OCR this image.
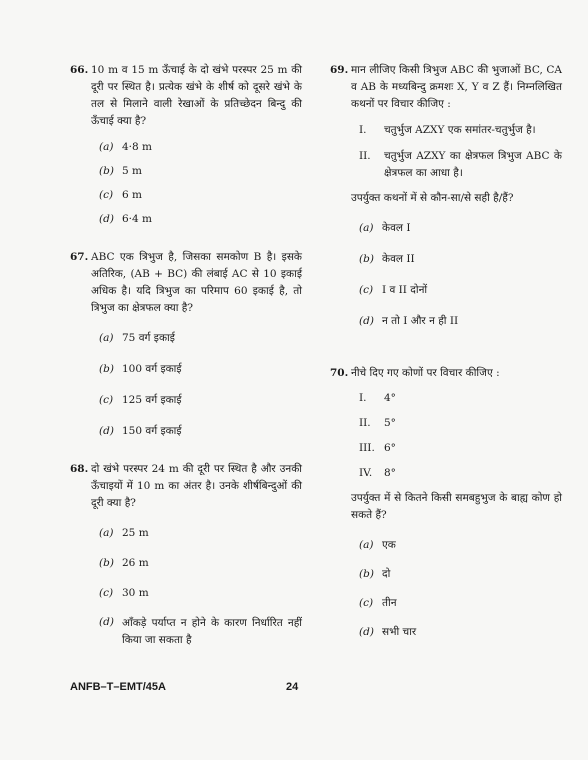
66. 10 m व 15 m ऊँचाई के दो खंभे परस्पर 25 m की दूरी पर स्थित है। प्रत्येक खंभे के शीर्ष को दूसरे खंभे के तल से मिलाने वाली रेखाओं के प्रतिच्छेदन बिन्दु की ऊँचाई क्या है?
(a) 4·8 m
(b) 5 m
(c) 6 m
(d) 6·4 m
67. ABC एक त्रिभुज है, जिसका समकोण B है। इसके अतिरिक, (AB + BC) की लंबाई AC से 10 इकाई अधिक है। यदि त्रिभुज का परिमाप 60 इकाई है, तो त्रिभुज का क्षेत्रफल क्या है?
(a) 75 वर्ग इकाई
(b) 100 वर्ग इकाई
(c) 125 वर्ग इकाई
(d) 150 वर्ग इकाई
68. दो खंभे परस्पर 24 m की दूरी पर स्थित है और उनकी ऊँचाइयों में 10 m का अंतर है। उनके शीर्षबिन्दुओं की दूरी क्या है?
(a) 25 m
(b) 26 m
(c) 30 m
(d) आँकड़े पर्याप्त न होने के कारण निर्धारित नहीं किया जा सकता है
69. मान लीजिए किसी त्रिभुज ABC की भुजाओं BC, CA व AB के मध्यबिन्दु क्रमशः X, Y व Z हैं। निम्नलिखित कथनों पर विचार कीजिए :
I. चतुर्भुज AZXY एक समांतर-चतुर्भुज है।
II. चतुर्भुज AZXY का क्षेत्रफल त्रिभुज ABC के क्षेत्रफल का आधा है।
उपर्युक्त कथनों में से कौन-सा/से सही है/हैं?
(a) केवल I
(b) केवल II
(c) I व II दोनों
(d) न तो I और न ही II
70. नीचे दिए गए कोणों पर विचार कीजिए :
I. 4°
II. 5°
III. 6°
IV. 8°
उपर्युक्त में से कितने किसी समबहुभुज के बाह्य कोण हो सकते हैं?
(a) एक
(b) दो
(c) तीन
(d) सभी चार
ANFB–T–EMT/45A	24
